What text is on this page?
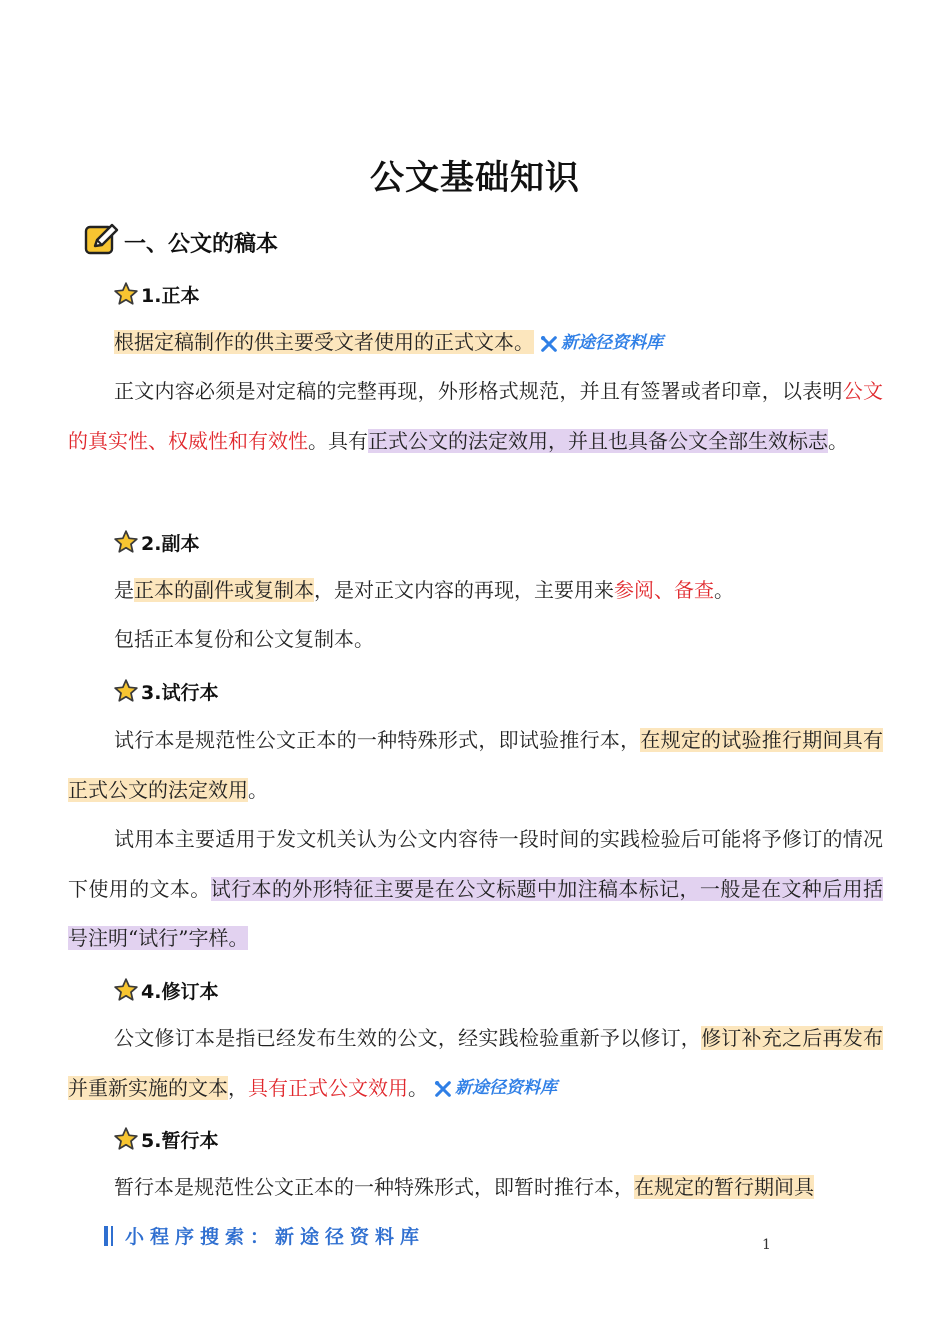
公文基础知识
一、公文的稿本
1.正本
根据定稿制作的供主要受文者使用的正式文本。 新途径资料库
正文内容必须是对定稿的完整再现，外形格式规范，并且有签署或者印章，以表明公文的真实性、权威性和有效性。具有正式公文的法定效用，并且也具备公文全部生效标志。
2.副本
是正本的副件或复制本，是对正文内容的再现，主要用来参阅、备查。
包括正本复份和公文复制本。
3.试行本
试行本是规范性公文正本的一种特殊形式，即试验推行本，在规定的试验推行期间具有正式公文的法定效用。
试用本主要适用于发文机关认为公文内容待一段时间的实践检验后可能将予修订的情况下使用的文本。试行本的外形特征主要是在公文标题中加注稿本标记，一般是在文种后用括号注明“试行”字样。
4.修订本
公文修订本是指已经发布生效的公文，经实践检验重新予以修订，修订补充之后再发布并重新实施的文本，具有正式公文效用。 新途径资料库
5.暂行本
暂行本是规范性公文正本的一种特殊形式，即暂时推行本，在规定的暂行期间具
小程序搜索：新途径资料库	1
